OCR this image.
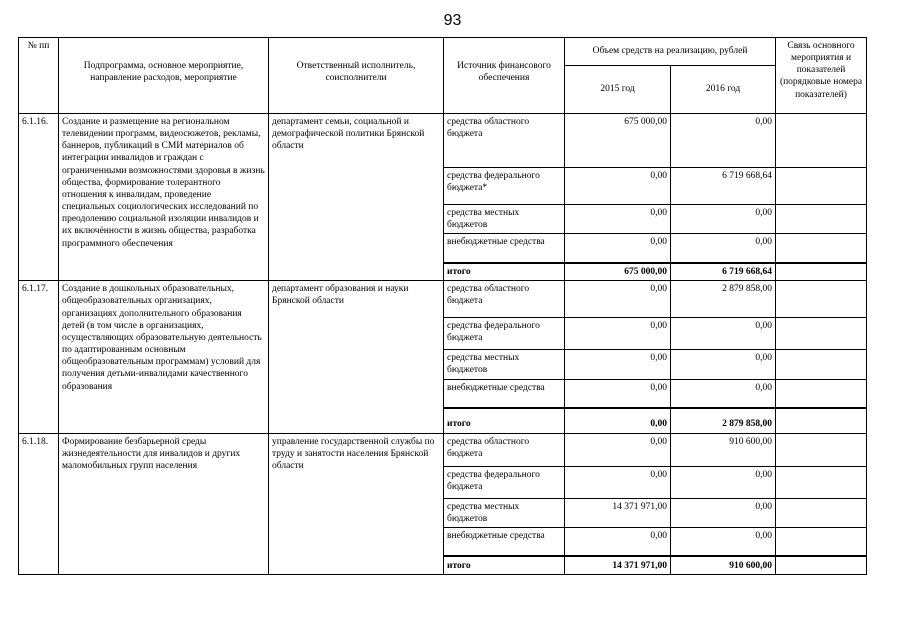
93
№ пп	Подпрограмма, основное мероприятие, направление расходов, мероприятие	Ответственный исполнитель, соисполнители	Источник финансового обеспечения	Объем средств на реализацию, рублей		Связь основного мероприятия и показателей (порядковые номера показателей)
				2015 год	2016 год	
6.1.16.	Создание и размещение на региональном телевидении программ, видеосюжетов, рекламы, баннеров, публикаций в СМИ материалов об интеграции инвалидов и граждан с ограниченными возможностями здоровья в жизнь общества, формирование толерантного отношения к инвалидам, проведение специальных социологических исследований по преодолению социальной изоляции инвалидов и их включённости в жизнь общества, разработка программного обеспечения	департамент семьи, социальной и демографической политики Брянской области	средства областного бюджета	675 000,00	0,00	
			средства федерального бюджета*	0,00	6 719 668,64	
			средства местных бюджетов	0,00	0,00	
			внебюджетные средства	0,00	0,00	
			итого	675 000,00	6 719 668,64	
6.1.17.	Создание в дошкольных образовательных, общеобразовательных организациях, организациях дополнительного образования детей (в том числе в организациях, осуществляющих образовательную деятельность по адаптированным основным общеобразовательным программам) условий для получения детьми-инвалидами качественного образования	департамент образования и науки Брянской области	средства областного бюджета	0,00	2 879 858,00	
			средства федерального бюджета	0,00	0,00	
			средства местных бюджетов	0,00	0,00	
			внебюджетные средства	0,00	0,00	
			итого	0,00	2 879 858,00	
6.1.18.	Формирование безбарьерной среды жизнедеятельности для инвалидов и других маломобильных групп населения	управление государственной службы по труду и занятости населения Брянской области	средства областного бюджета	0,00	910 600,00	
			средства федерального бюджета	0,00	0,00	
			средства местных бюджетов	14 371 971,00	0,00	
			внебюджетные средства	0,00	0,00	
			итого	14 371 971,00	910 600,00	
